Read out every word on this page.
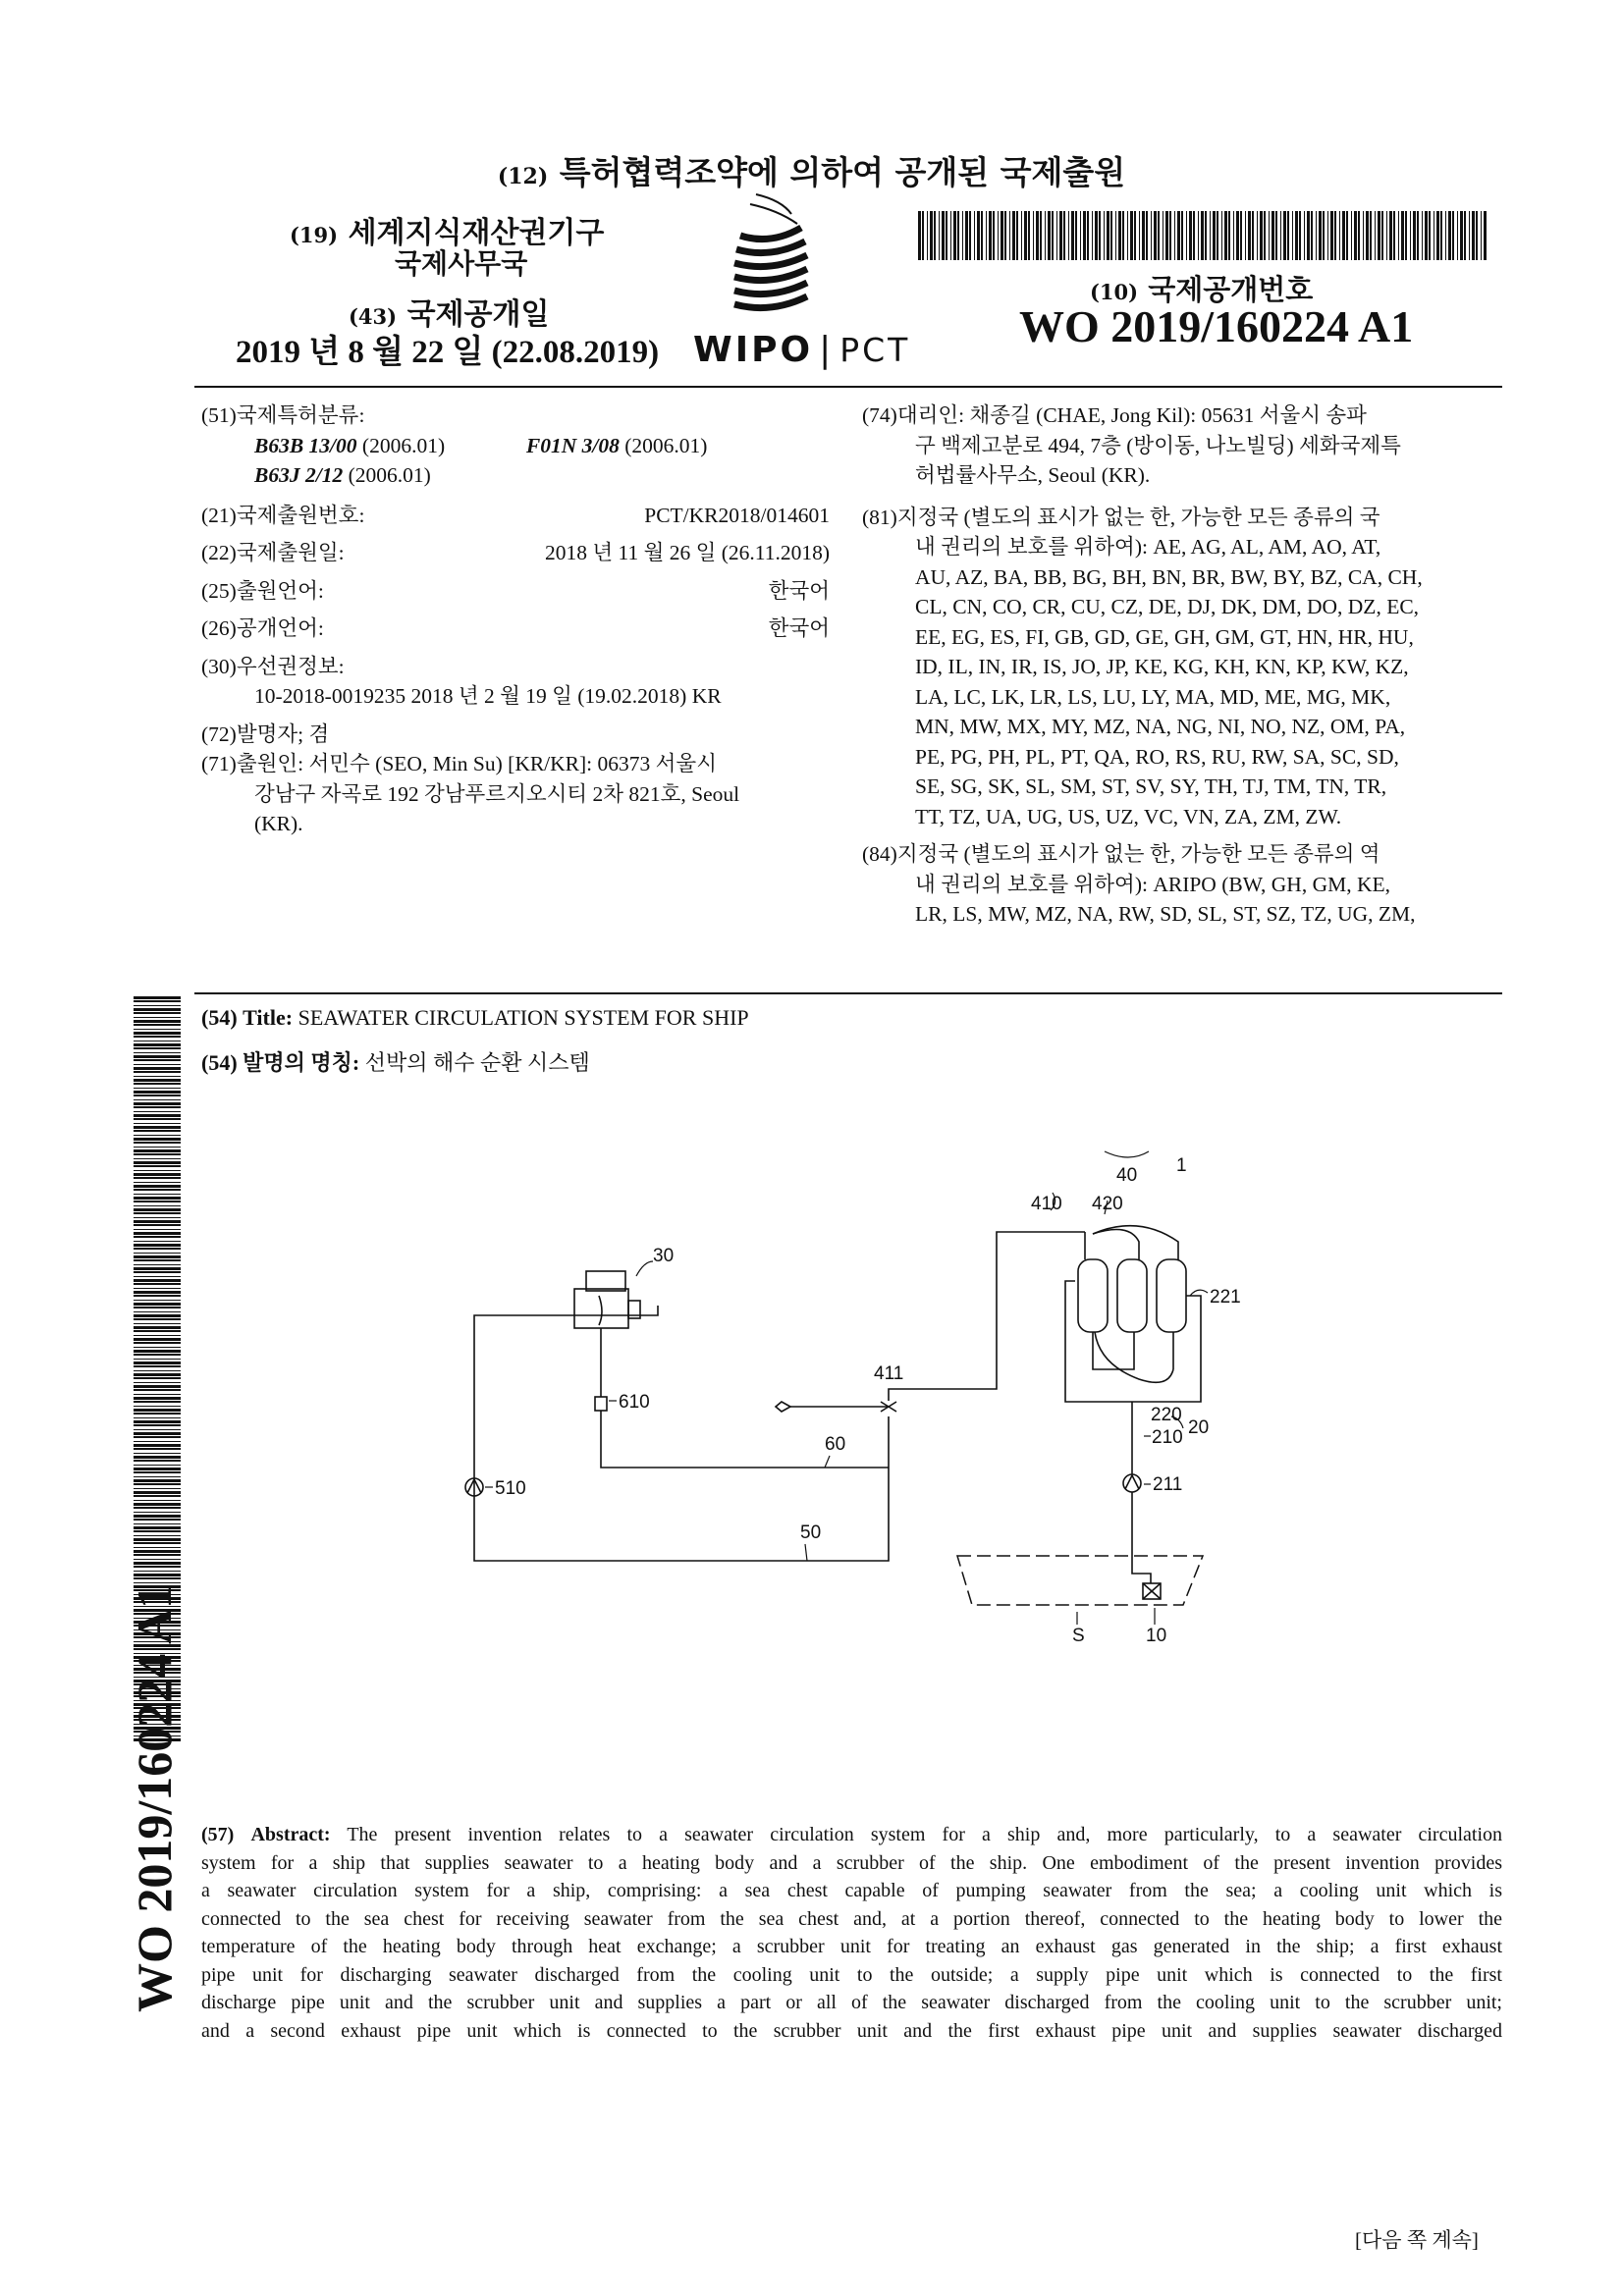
(12) 특허협력조약에 의하여 공개된 국제출원
(19) 세계지식재산권기구
국제사무국
(43) 국제공개일
2019 년 8 월 22 일 (22.08.2019) WIPO | PCT
(10) 국제공개번호
WO 2019/160224 A1
(51)국제특허분류:
B63B 13/00 (2006.01)	F01N 3/08 (2006.01)
B63J 2/12 (2006.01)
(21)국제출원번호:	PCT/KR2018/014601
(22)국제출원일:	2018 년 11 월 26 일 (26.11.2018)
(25)출원언어:	한국어
(26)공개언어:	한국어
(30)우선권정보:
10-2018-0019235 2018 년 2 월 19 일 (19.02.2018) KR
(72)발명자; 겸
(71)출원인: 서민수 (SEO, Min Su) [KR/KR]: 06373 서울시
강남구 자곡로 192 강남푸르지오시티 2차 821호, Seoul
(KR).
(74)대리인: 채종길 (CHAE, Jong Kil): 05631 서울시 송파
구 백제고분로 494, 7층 (방이동, 나노빌딩) 세화국제특
허법률사무소, Seoul (KR).
(81)지정국 (별도의 표시가 없는 한, 가능한 모든 종류의 국
내 권리의 보호를 위하여): AE, AG, AL, AM, AO, AT,
AU, AZ, BA, BB, BG, BH, BN, BR, BW, BY, BZ, CA, CH,
CL, CN, CO, CR, CU, CZ, DE, DJ, DK, DM, DO, DZ, EC,
EE, EG, ES, FI, GB, GD, GE, GH, GM, GT, HN, HR, HU,
ID, IL, IN, IR, IS, JO, JP, KE, KG, KH, KN, KP, KW, KZ,
LA, LC, LK, LR, LS, LU, LY, MA, MD, ME, MG, MK,
MN, MW, MX, MY, MZ, NA, NG, NI, NO, NZ, OM, PA,
PE, PG, PH, PL, PT, QA, RO, RS, RU, RW, SA, SC, SD,
SE, SG, SK, SL, SM, ST, SV, SY, TH, TJ, TM, TN, TR,
TT, TZ, UA, UG, US, UZ, VC, VN, ZA, ZM, ZW.
(84)지정국 (별도의 표시가 없는 한, 가능한 모든 종류의 역
내 권리의 보호를 위하여): ARIPO (BW, GH, GM, KE,
LR, LS, MW, MZ, NA, RW, SD, SL, ST, SZ, TZ, UG, ZM,
(54) Title: SEAWATER CIRCULATION SYSTEM FOR SHIP
(54) 발명의 명칭: 선박의 해수 순환 시스템
WO 2019/160224 A1
1
40
410 420
221
30
411
610
60
510
50
220
210 20
211
S	10
(57) Abstract: The present invention relates to a seawater circulation system for a ship and, more particularly, to a seawater circulation
system for a ship that supplies seawater to a heating body and a scrubber of the ship. One embodiment of the present invention provides
a seawater circulation system for a ship, comprising: a sea chest capable of pumping seawater from the sea; a cooling unit which is
connected to the sea chest for receiving seawater from the sea chest and, at a portion thereof, connected to the heating body to lower the
temperature of the heating body through heat exchange; a scrubber unit for treating an exhaust gas generated in the ship; a first exhaust
pipe unit for discharging seawater discharged from the cooling unit to the outside; a supply pipe unit which is connected to the first
discharge pipe unit and the scrubber unit and supplies a part or all of the seawater discharged from the cooling unit to the scrubber unit;
and a second exhaust pipe unit which is connected to the scrubber unit and the first exhaust pipe unit and supplies seawater discharged
[다음 쪽 계속]
